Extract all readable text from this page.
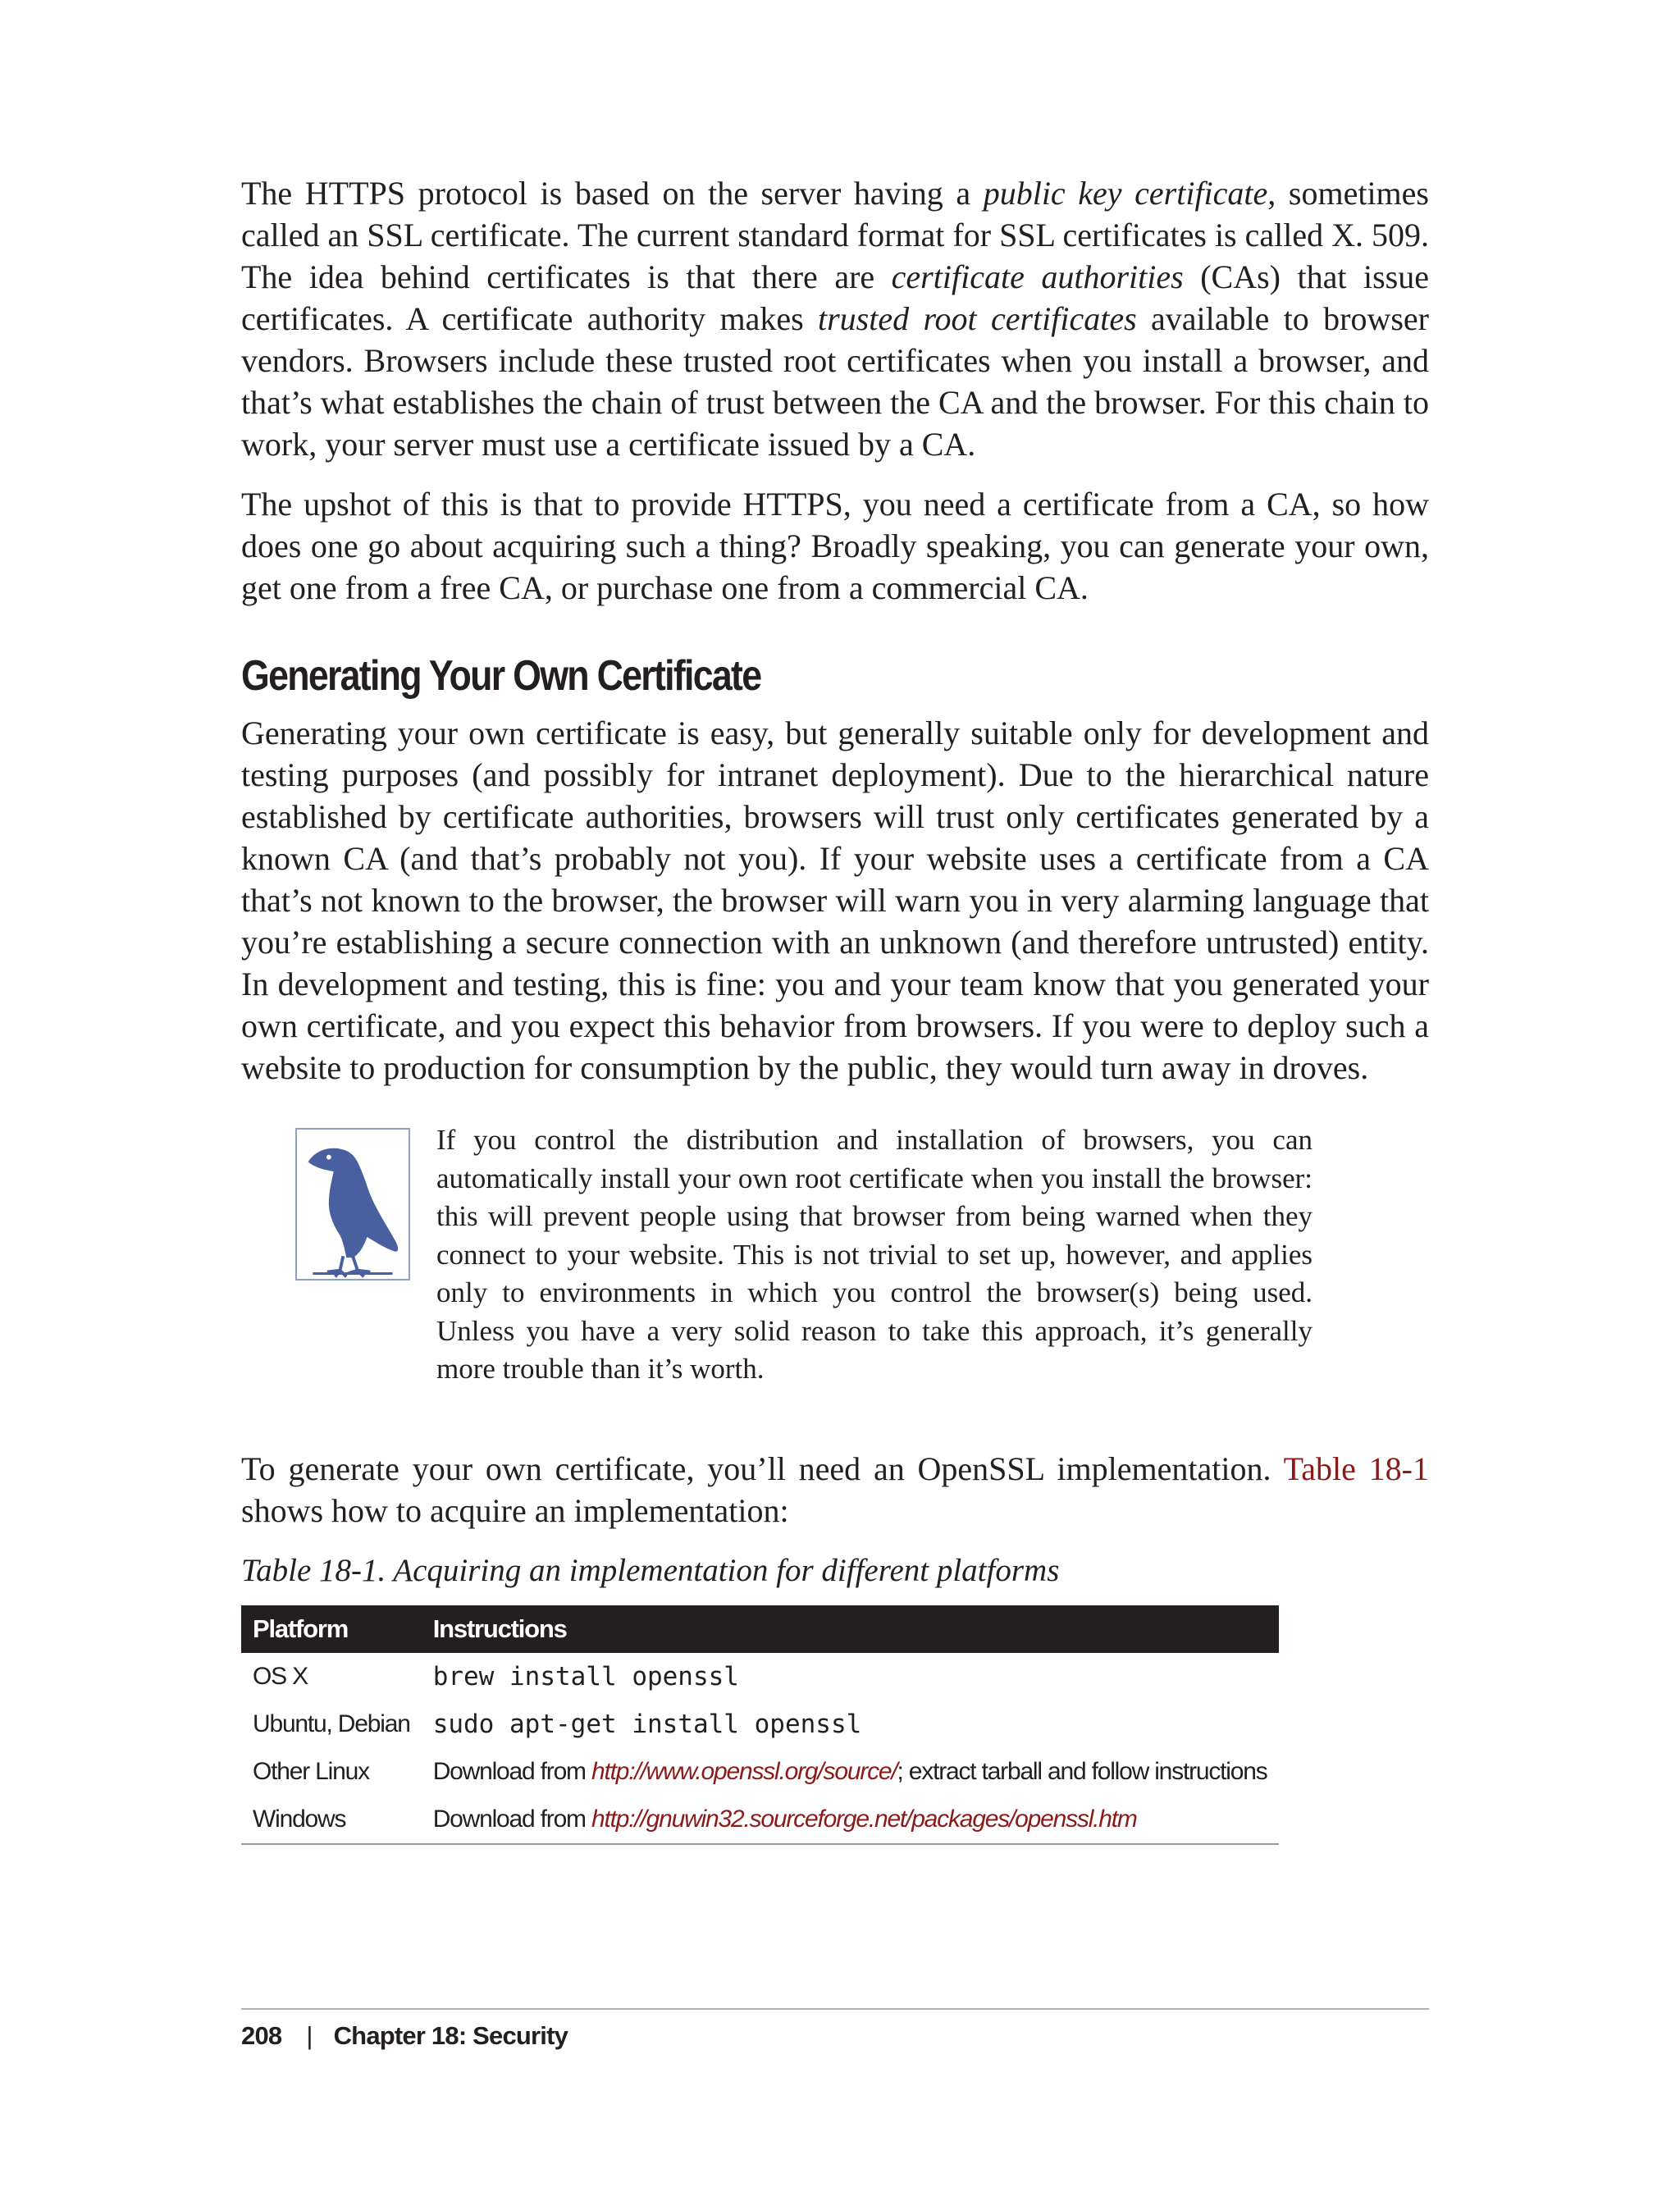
The HTTPS protocol is based on the server having a public key certificate, sometimes called an SSL certificate. The current standard format for SSL certificates is called X. 509. The idea behind certificates is that there are certificate authorities (CAs) that issue certificates. A certificate authority makes trusted root certificates available to browser vendors. Browsers include these trusted root certificates when you install a browser, and that’s what establishes the chain of trust between the CA and the browser. For this chain to work, your server must use a certificate issued by a CA.

The upshot of this is that to provide HTTPS, you need a certificate from a CA, so how does one go about acquiring such a thing? Broadly speaking, you can generate your own, get one from a free CA, or purchase one from a commercial CA.

Generating Your Own Certificate

Generating your own certificate is easy, but generally suitable only for development and testing purposes (and possibly for intranet deployment). Due to the hierarchical nature established by certificate authorities, browsers will trust only certificates generated by a known CA (and that’s probably not you). If your website uses a certificate from a CA that’s not known to the browser, the browser will warn you in very alarming language that you’re establishing a secure connection with an unknown (and therefore untrusted) entity. In development and testing, this is fine: you and your team know that you generated your own certificate, and you expect this behavior from browsers. If you were to deploy such a website to production for consumption by the public, they would turn away in droves.

If you control the distribution and installation of browsers, you can automatically install your own root certificate when you install the browser: this will prevent people using that browser from being warned when they connect to your website. This is not trivial to set up, however, and applies only to environments in which you control the browser(s) being used. Unless you have a very solid reason to take this approach, it’s generally more trouble than it’s worth.

To generate your own certificate, you’ll need an OpenSSL implementation. Table 18-1 shows how to acquire an implementation:

Table 18-1. Acquiring an implementation for different platforms
Platform	Instructions
OS X	brew install openssl
Ubuntu, Debian	sudo apt-get install openssl
Other Linux	Download from http://www.openssl.org/source/; extract tarball and follow instructions
Windows	Download from http://gnuwin32.sourceforge.net/packages/openssl.htm
208 | Chapter 18: Security
